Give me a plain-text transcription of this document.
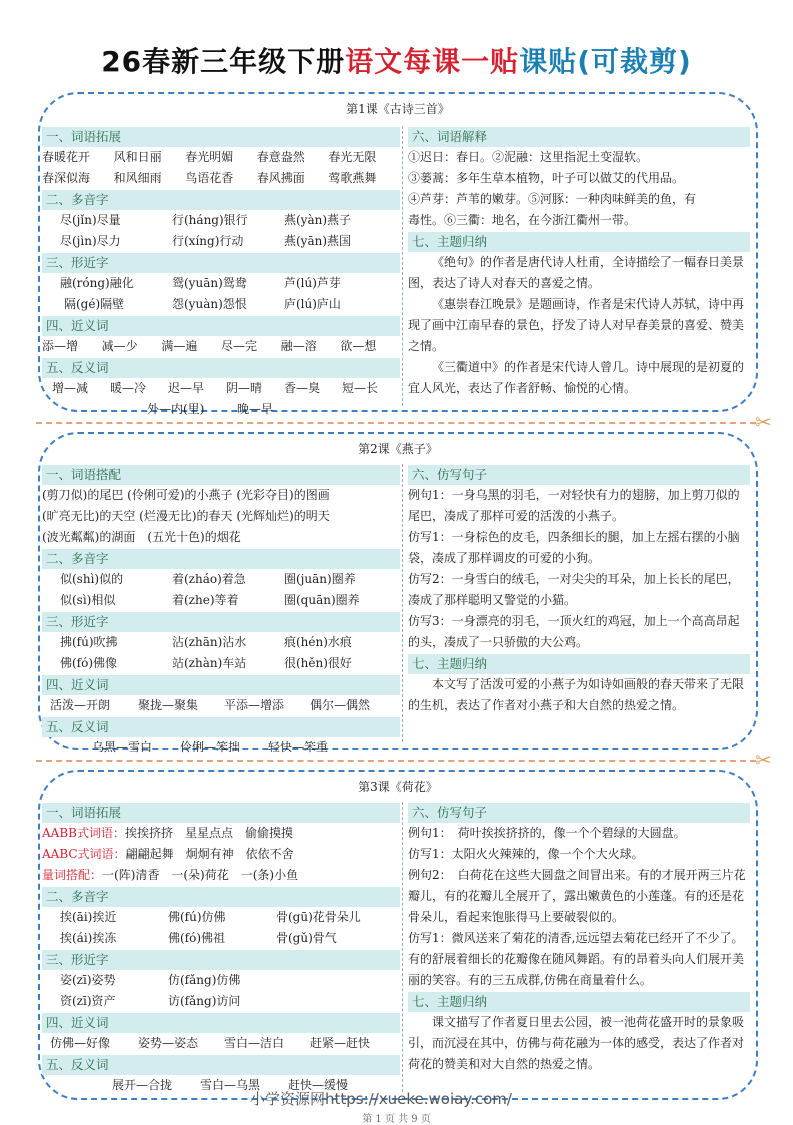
26春新三年级下册语文每课一贴课贴(可裁剪)
第1课《古诗三首》
一、词语拓展
春暖花开	风和日丽	春光明媚	春意盎然	春光无限
春深似海	和风细雨	鸟语花香	春风拂面	莺歌燕舞
二、多音字
尽(jǐn)尽量	行(háng)银行	燕(yàn)燕子
尽(jìn)尽力	行(xíng)行动	燕(yān)燕国
三、形近字
融(róng)融化	鸳(yuān)鸳鸯	芦(lú)芦芽
隔(gé)隔壁	怨(yuàn)怨恨	庐(lú)庐山
四、近义词
添—增	减—少	满—遍	尽—完	融—溶	欲—想
五、反义词
增—减	暖—冷	迟—早	阴—晴	香—臭	短—长
外—内(里)	晚—早
六、词语解释
①迟日：春日。②泥融：这里指泥土变湿软。
③蒌蒿：多年生草本植物，叶子可以做艾的代用品。
④芦芽：芦苇的嫩芽。⑤河豚：一种肉味鲜美的鱼，有
毒性。⑥三衢：地名，在今浙江衢州一带。
七、主题归纳
《绝句》的作者是唐代诗人杜甫，全诗描绘了一幅春日美景图，表达了诗人对春天的喜爱之情。
《惠崇春江晚景》是题画诗，作者是宋代诗人苏轼，诗中再现了画中江南早春的景色，抒发了诗人对早春美景的喜爱、赞美之情。
《三衢道中》的作者是宋代诗人曾几。诗中展现的是初夏的宜人风光，表达了作者舒畅、愉悦的心情。
✂
第2课《燕子》
一、词语搭配
(剪刀似)的尾巴 (伶俐可爱)的小燕子 (光彩夺目)的图画
(旷亮无比)的天空 (烂漫无比)的春天 (光辉灿烂)的明天
(波光粼粼)的湖面　(五光十色)的烟花
二、多音字
似(shì)似的	着(zháo)着急	圈(juān)圈养
似(sì)相似	着(zhe)等着	圈(quān)圈养
三、形近字
拂(fú)吹拂	沾(zhān)沾水	痕(hén)水痕
佛(fó)佛像	站(zhàn)车站	很(hěn)很好
四、近义词
活泼—开朗	聚拢—聚集	平添—增添	偶尔—偶然
五、反义词
乌黑—雪白	伶俐—笨拙	轻快—笨重
六、仿写句子
例句1：一身乌黑的羽毛，一对轻快有力的翅膀，加上剪刀似的尾巴，凑成了那样可爱的活泼的小燕子。
仿写1：一身棕色的皮毛，四条细长的腿，加上左摇右摆的小脑袋，凑成了那样调皮的可爱的小狗。
仿写2：一身雪白的绒毛，一对尖尖的耳朵，加上长长的尾巴，凑成了那样聪明又警觉的小猫。
仿写3：一身漂亮的羽毛，一顶火红的鸡冠，加上一个高高昂起的头，凑成了一只骄傲的大公鸡。
七、主题归纳
本文写了活泼可爱的小燕子为如诗如画般的春天带来了无限的生机，表达了作者对小燕子和大自然的热爱之情。
✂
第3课《荷花》
一、词语拓展
AABB式词语：挨挨挤挤　星星点点　偷偷摸摸
AABC式词语：翩翩起舞　炯炯有神　依依不舍
量词搭配：一(阵)清香　一(朵)荷花　一(条)小鱼
二、多音字
挨(āi)挨近	佛(fú)仿佛	骨(gū)花骨朵儿
挨(ái)挨冻	佛(fó)佛祖	骨(gǔ)骨气
三、形近字
姿(zī)姿势	仿(fǎng)仿佛
资(zī)资产	访(fǎng)访问
四、近义词
仿佛—好像	姿势—姿态	雪白—洁白	赶紧—赶快
五、反义词
展开—合拢	雪白—乌黑	赶快—缓慢
六、仿写句子
例句1：　荷叶挨挨挤挤的，像一个个碧绿的大圆盘。
仿写1：太阳火火辣辣的，像一个个大火球。
例句2：　白荷花在这些大圆盘之间冒出来。有的才展开两三片花瓣儿，有的花瓣儿全展开了，露出嫩黄色的小莲蓬。有的还是花骨朵儿，看起来饱胀得马上要破裂似的。
仿写1：微风送来了菊花的清香,远远望去菊花已经开了不少了。有的舒展着细长的花瓣像在随风舞蹈。有的昂着头向人们展开美丽的笑容。有的三五成群,仿佛在商量着什么。
七、主题归纳
课文描写了作者夏日里去公园，被一池荷花盛开时的景象吸引，而沉浸在其中，仿佛与荷花融为一体的感受，表达了作者对荷花的赞美和对大自然的热爱之情。
小学资源网https://xueke.woiay.com/
第 1 页 共 9 页
